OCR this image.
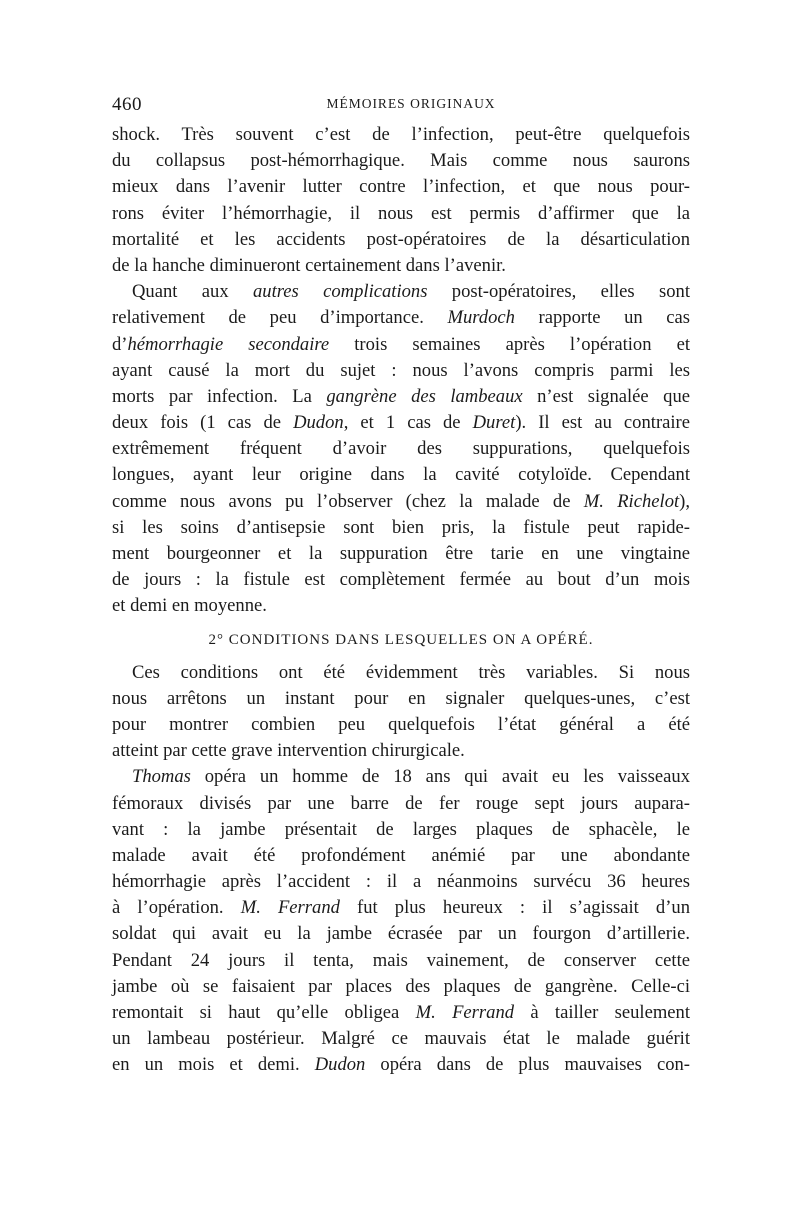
460	MÉMOIRES ORIGINAUX
shock. Très souvent c’est de l’infection, peut-être quelquefois
du collapsus post-hémorrhagique. Mais comme nous saurons
mieux dans l’avenir lutter contre l’infection, et que nous pour-
rons éviter l’hémorrhagie, il nous est permis d’affirmer que la
mortalité et les accidents post-opératoires de la désarticulation
de la hanche diminueront certainement dans l’avenir.
Quant aux autres complications post-opératoires, elles sont
relativement de peu d’importance. Murdoch rapporte un cas
d’hémorrhagie secondaire trois semaines après l’opération et
ayant causé la mort du sujet : nous l’avons compris parmi les
morts par infection. La gangrène des lambeaux n’est signalée que
deux fois (1 cas de Dudon, et 1 cas de Duret). Il est au contraire
extrêmement fréquent d’avoir des suppurations, quelquefois
longues, ayant leur origine dans la cavité cotyloïde. Cependant
comme nous avons pu l’observer (chez la malade de M. Richelot),
si les soins d’antisepsie sont bien pris, la fistule peut rapide-
ment bourgeonner et la suppuration être tarie en une vingtaine
de jours : la fistule est complètement fermée au bout d’un mois
et demi en moyenne.
2° CONDITIONS DANS LESQUELLES ON A OPÉRÉ.
Ces conditions ont été évidemment très variables. Si nous
nous arrêtons un instant pour en signaler quelques-unes, c’est
pour montrer combien peu quelquefois l’état général a été
atteint par cette grave intervention chirurgicale.
Thomas opéra un homme de 18 ans qui avait eu les vaisseaux
fémoraux divisés par une barre de fer rouge sept jours aupara-
vant : la jambe présentait de larges plaques de sphacèle, le
malade avait été profondément anémié par une abondante
hémorrhagie après l’accident : il a néanmoins survécu 36 heures
à l’opération. M. Ferrand fut plus heureux : il s’agissait d’un
soldat qui avait eu la jambe écrasée par un fourgon d’artillerie.
Pendant 24 jours il tenta, mais vainement, de conserver cette
jambe où se faisaient par places des plaques de gangrène. Celle-ci
remontait si haut qu’elle obligea M. Ferrand à tailler seulement
un lambeau postérieur. Malgré ce mauvais état le malade guérit
en un mois et demi. Dudon opéra dans de plus mauvaises con-
